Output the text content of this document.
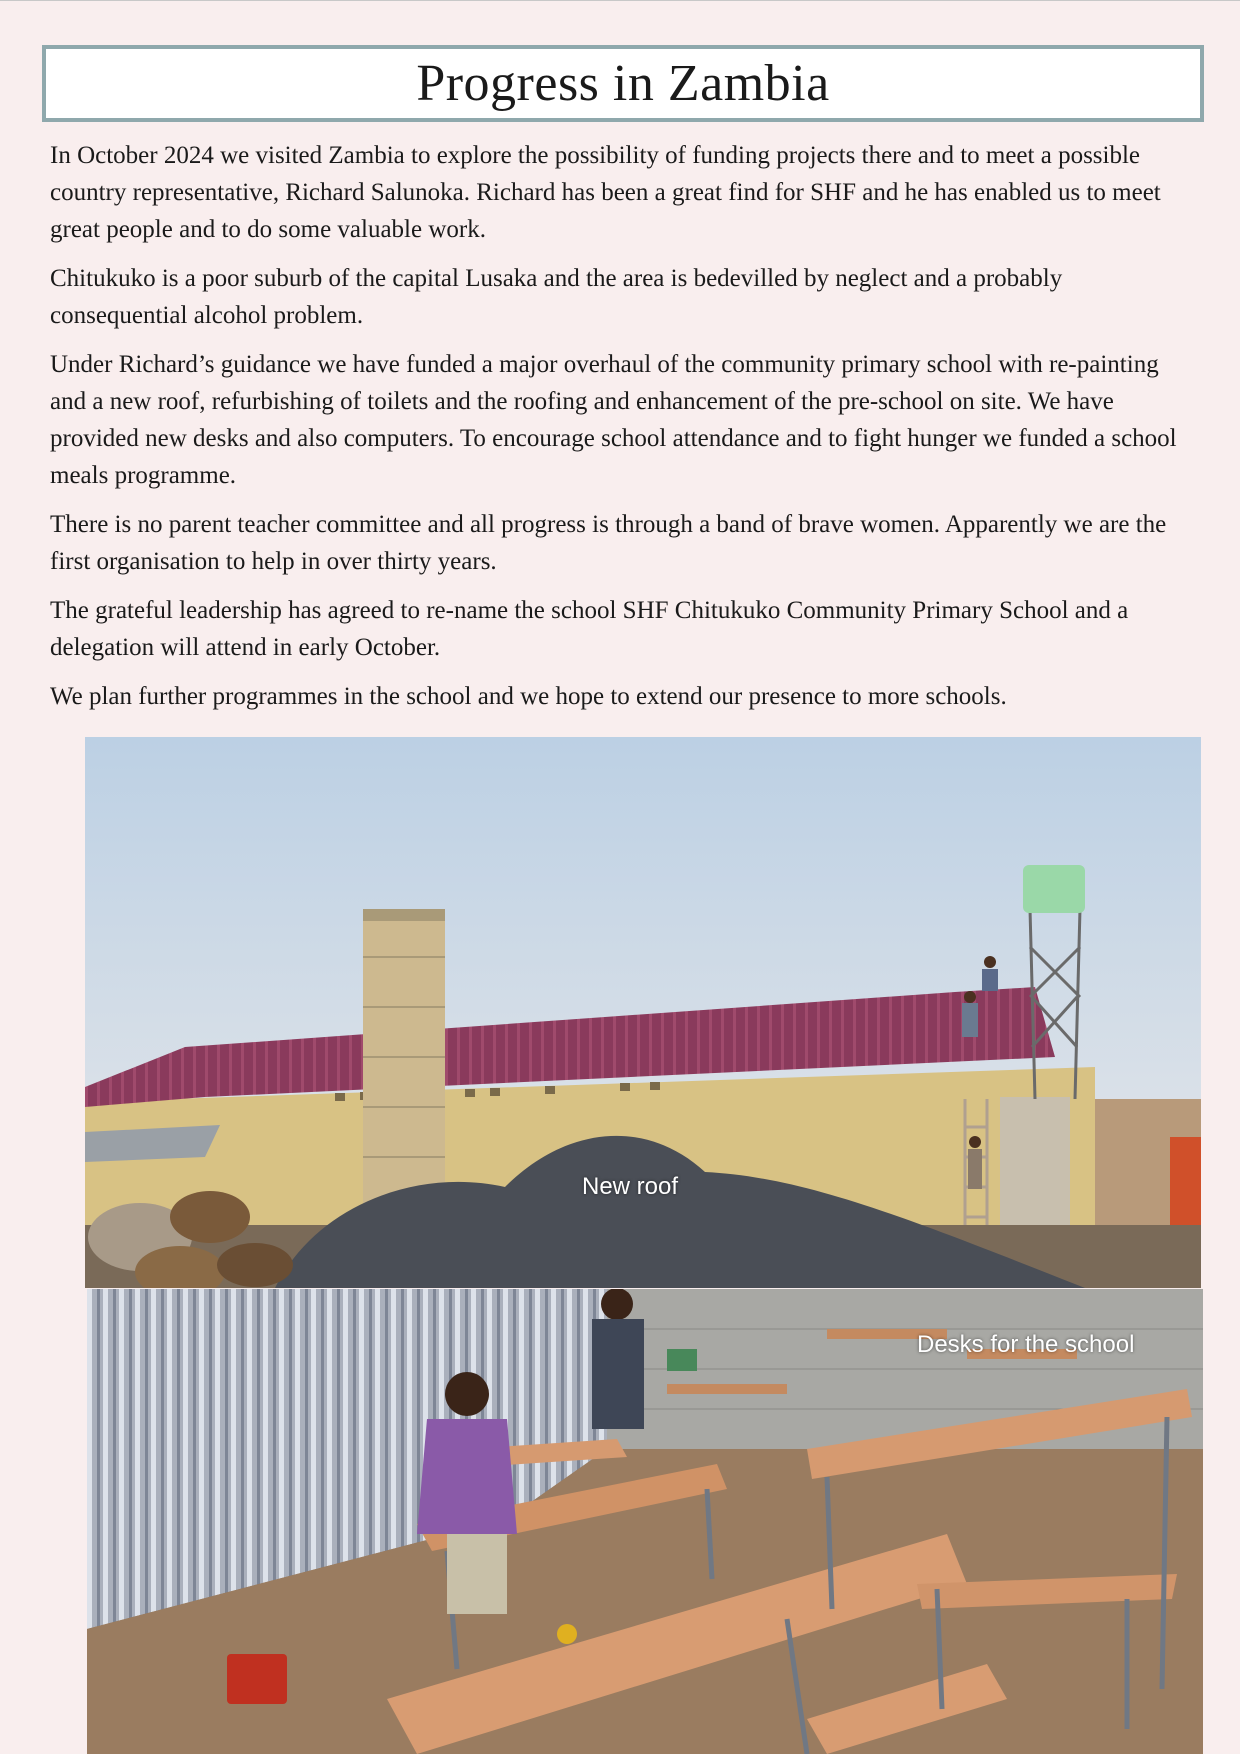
Progress in Zambia

In October 2024 we visited Zambia to explore the possibility of funding projects there and to meet a possible country representative, Richard Salunoka. Richard has been a great find for SHF and he has enabled us to meet great people and to do some valuable work.

Chitukuko is a poor suburb of the capital Lusaka and the area is bedevilled by neglect and a probably consequential alcohol problem.

Under Richard’s guidance we have funded a major overhaul of the community primary school with re-painting and a new roof, refurbishing of toilets and the roofing and enhancement of the pre-school on site. We have provided new desks and also computers. To encourage school attendance and to fight hunger we funded a school meals programme.

There is no parent teacher committee and all progress is through a band of brave women. Apparently we are the first organisation to help in over thirty years.

The grateful leadership has agreed to re-name the school SHF Chitukuko Community Primary School and a delegation will attend in early October.

We plan further programmes in the school and we hope to extend our presence to more schools.

New roof
Desks for the school
